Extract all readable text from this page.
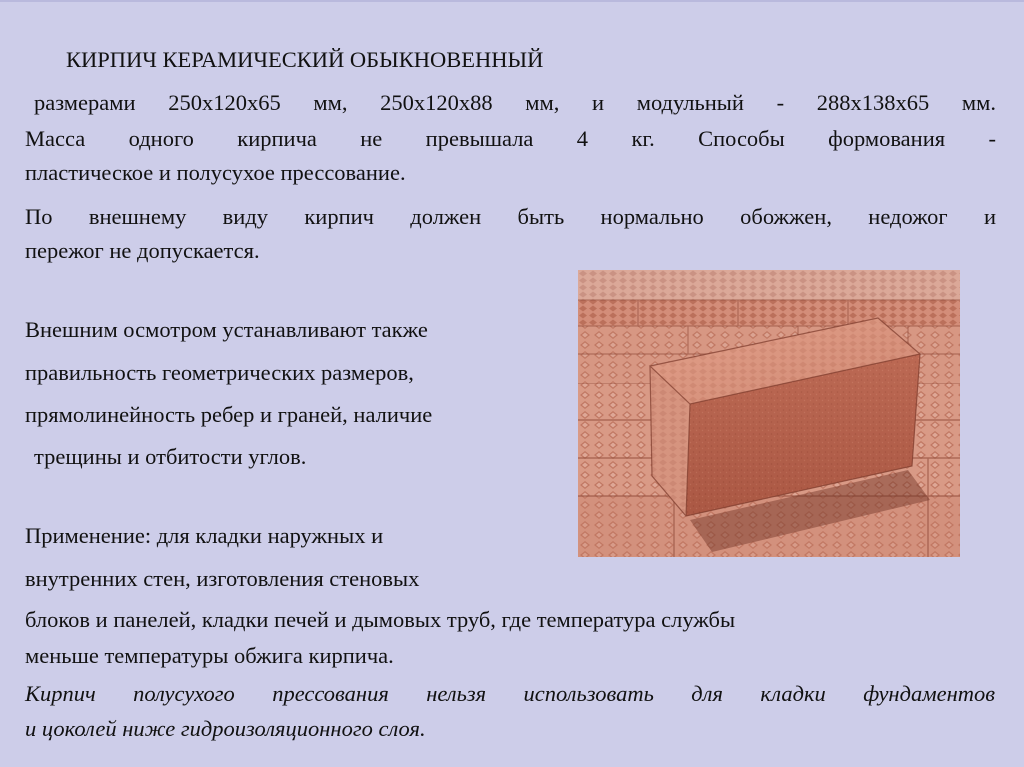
КИРПИЧ КЕРАМИЧЕСКИЙ ОБЫКНОВЕННЫЙ
размерами 250х120х65 мм, 250х120х88 мм, и модульный - 288х138х65 мм.
Масса одного кирпича не превышала 4 кг. Способы формования -
пластическое и полусухое прессование.
По внешнему виду кирпич должен быть нормально обожжен, недожог и
пережог не допускается.
Внешним осмотром устанавливают также
правильность геометрических размеров,
прямолинейность ребер и граней, наличие
трещины и отбитости углов.
Применение: для кладки наружных и
внутренних стен, изготовления стеновых
блоков и панелей, кладки печей и дымовых труб, где температура службы
меньше температуры обжига кирпича.
Кирпич полусухого прессования нельзя использовать для кладки фундаментов
и цоколей ниже гидроизоляционного слоя.
